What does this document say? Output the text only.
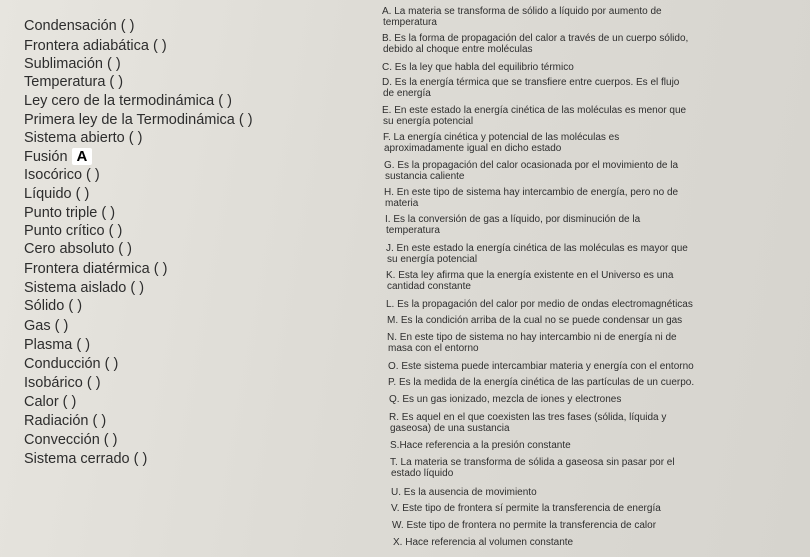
Condensación ( )
Frontera adiabática ( )
Sublimación ( )
Temperatura ( )
Ley cero de la termodinámica ( )
Primera ley de la Termodinámica ( )
Sistema abierto ( )
Fusión A
Isocórico ( )
Líquido ( )
Punto triple ( )
Punto crítico ( )
Cero absoluto ( )
Frontera diatérmica ( )
Sistema aislado ( )
Sólido ( )
Gas ( )
Plasma ( )
Conducción ( )
Isobárico ( )
Calor ( )
Radiación ( )
Convección ( )
Sistema cerrado ( )
A. La materia se transforma de sólido a líquido por aumento de
temperatura
B. Es la forma de propagación del calor a través de un cuerpo sólido,
debido al choque entre moléculas
C. Es la ley que habla del equilibrio térmico
D. Es la energía térmica que se transfiere entre cuerpos. Es el flujo
de energía
E. En este estado la energía cinética de las moléculas es menor que
su energía potencial
F. La energía cinética y potencial de las moléculas es
aproximadamente igual en dicho estado
G. Es la propagación del calor ocasionada por el movimiento de la
sustancia caliente
H. En este tipo de sistema hay intercambio de energía, pero no de
materia
I. Es la conversión de gas a líquido, por disminución de la
temperatura
J. En este estado la energía cinética de las moléculas es mayor que
su energía potencial
K. Esta ley afirma que la energía existente en el Universo es una
cantidad constante
L. Es la propagación del calor por medio de ondas electromagnéticas
M. Es la condición arriba de la cual no se puede condensar un gas
N. En este tipo de sistema no hay intercambio ni de energía ni de
masa con el entorno
O. Este sistema puede intercambiar materia y energía con el entorno
P. Es la medida de la energía cinética de las partículas de un cuerpo.
Q. Es un gas ionizado, mezcla de iones y electrones
R. Es aquel en el que coexisten las tres fases (sólida, líquida y
gaseosa) de una sustancia
S.Hace referencia a la presión constante
T. La materia se transforma de sólida a gaseosa sin pasar por el
estado líquido
U. Es la ausencia de movimiento
V. Este tipo de frontera sí permite la transferencia de energía
W. Este tipo de frontera no permite la transferencia de calor
X. Hace referencia al volumen constante
